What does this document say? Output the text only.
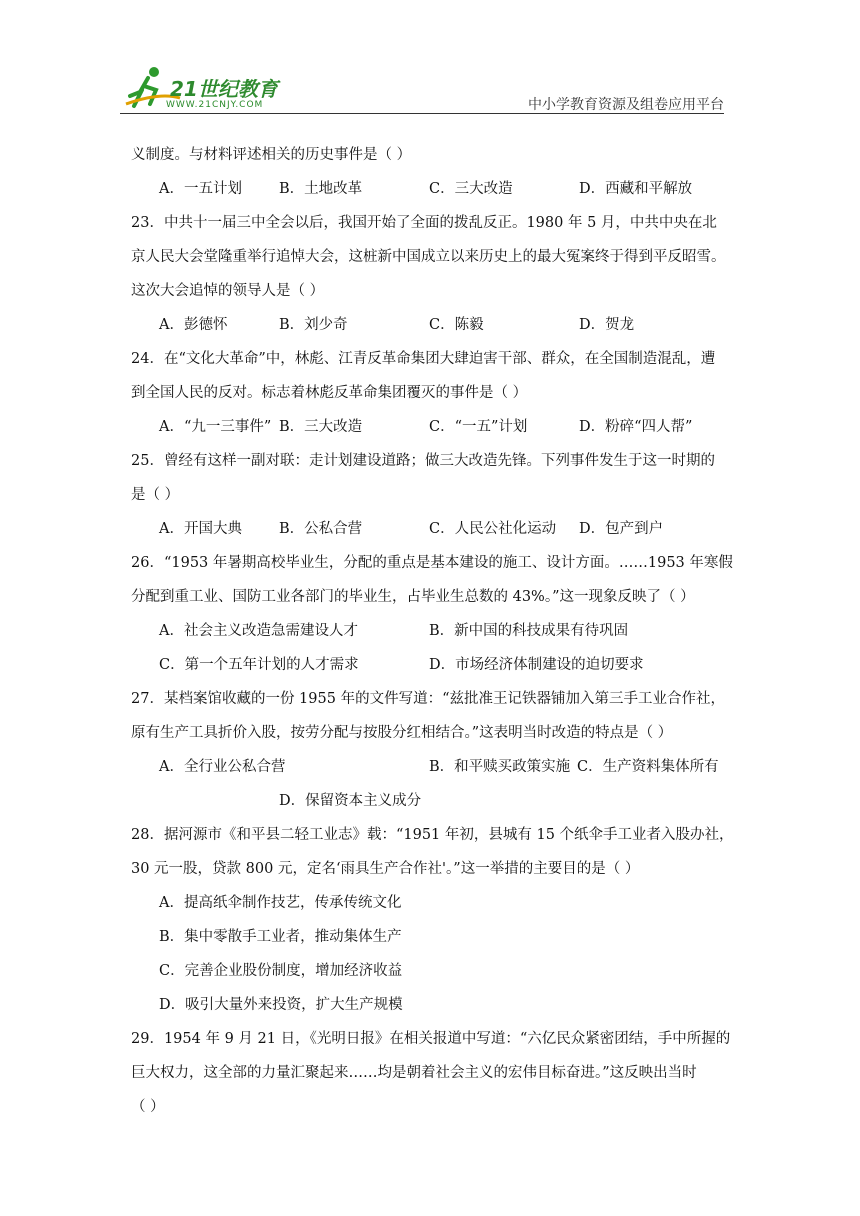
21世纪教育
WWW.21CNJY.COM	中小学教育资源及组卷应用平台
义制度。与材料评述相关的历史事件是（ ）
A．一五计划	B．土地改革	C．三大改造	D．西藏和平解放
23．中共十一届三中全会以后，我国开始了全面的拨乱反正。1980 年 5 月，中共中央在北
京人民大会堂隆重举行追悼大会，这桩新中国成立以来历史上的最大冤案终于得到平反昭雪。
这次大会追悼的领导人是（ ）
A．彭德怀	B．刘少奇	C．陈毅	D．贺龙
24．在“文化大革命”中，林彪、江青反革命集团大肆迫害干部、群众，在全国制造混乱，遭
到全国人民的反对。标志着林彪反革命集团覆灭的事件是（ ）
A．“九一三事件” B．三大改造	C．“一五”计划	D．粉碎“四人帮”
25．曾经有这样一副对联：走计划建设道路；做三大改造先锋。下列事件发生于这一时期的
是（ ）
A．开国大典	B．公私合营	C．人民公社化运动 D．包产到户
26．“1953 年暑期高校毕业生，分配的重点是基本建设的施工、设计方面。……1953 年寒假
分配到重工业、国防工业各部门的毕业生，占毕业生总数的 43%。”这一现象反映了（ ）
A．社会主义改造急需建设人才	B．新中国的科技成果有待巩固
C．第一个五年计划的人才需求	D．市场经济体制建设的迫切要求
27．某档案馆收藏的一份 1955 年的文件写道：“兹批准王记铁器铺加入第三手工业合作社，
原有生产工具折价入股，按劳分配与按股分红相结合。”这表明当时改造的特点是（ ）
A．全行业公私合营	B．和平赎买政策实施 C．生产资料集体所有
D．保留资本主义成分
28．据河源市《和平县二轻工业志》载：“1951 年初，县城有 15 个纸伞手工业者入股办社，
30 元一股，贷款 800 元，定名‘雨具生产合作社'。”这一举措的主要目的是（ ）
A．提高纸伞制作技艺，传承传统文化
B．集中零散手工业者，推动集体生产
C．完善企业股份制度，增加经济收益
D．吸引大量外来投资，扩大生产规模
29．1954 年 9 月 21 日，《光明日报》在相关报道中写道：“六亿民众紧密团结，手中所握的
巨大权力，这全部的力量汇聚起来……均是朝着社会主义的宏伟目标奋进。”这反映出当时
（ ）
